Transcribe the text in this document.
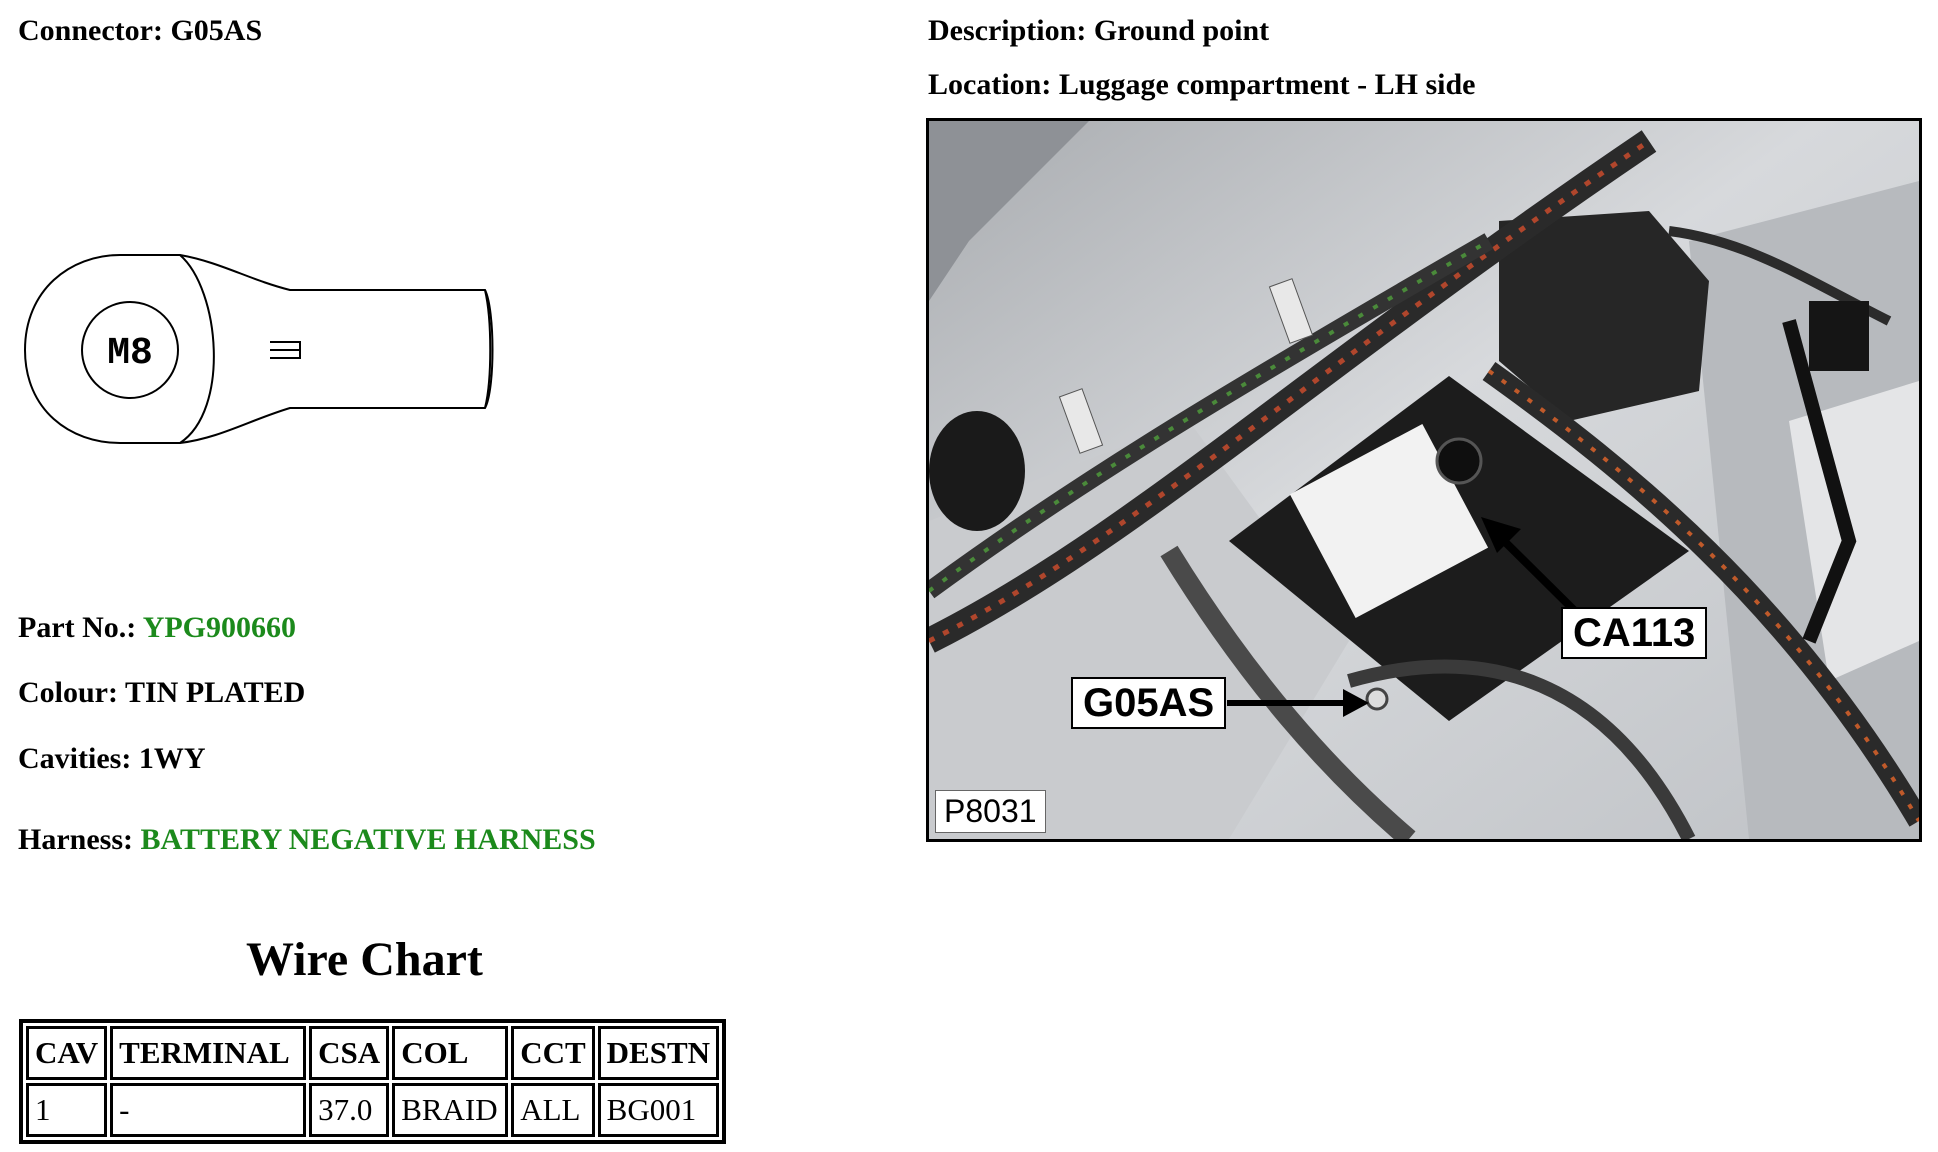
Connector: G05AS	Description: Ground point
Location: Luggage compartment - LH side
M8
Part No.: YPG900660
Colour: TIN PLATED
Cavities: 1WY
Harness: BATTERY NEGATIVE HARNESS
Wire Chart
CAV	TERMINAL	CSA	COL	CCT	DESTN
1	-	37.0	BRAID	ALL	BG001
CA113
G05AS
P8031
